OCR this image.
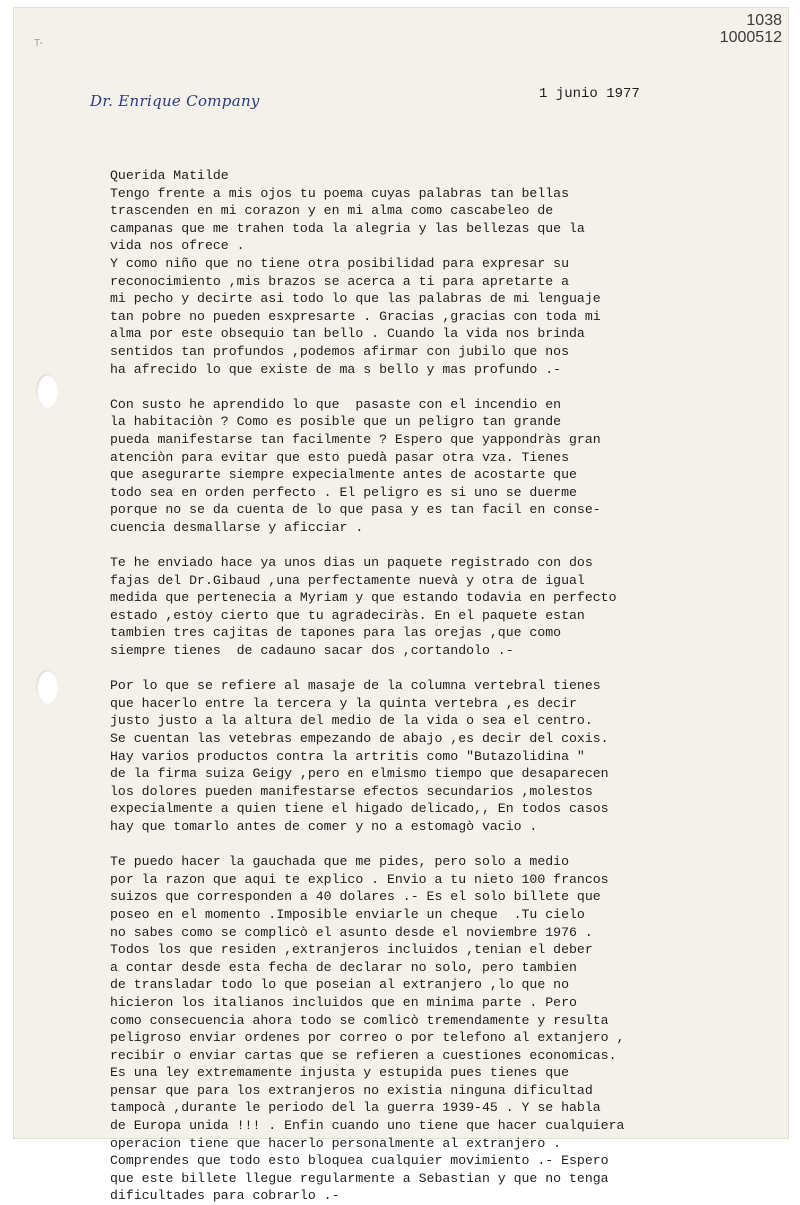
T-
1038
1000512
Dr. Enrique Company	1 junio 1977
Querida Matilde
Tengo frente a mis ojos tu poema cuyas palabras tan bellas
trascenden en mi corazon y en mi alma como cascabeleo de
campanas que me trahen toda la alegria y las bellezas que la
vida nos ofrece .
Y como niño que no tiene otra posibilidad para expresar su
reconocimiento ,mis brazos se acerca a ti para apretarte a
mi pecho y decirte asi todo lo que las palabras de mi lenguaje
tan pobre no pueden esxpresarte . Gracias ,gracias con toda mi
alma por este obsequio tan bello . Cuando la vida nos brinda
sentidos tan profundos ,podemos afirmar con jubilo que nos
ha afrecido lo que existe de ma s bello y mas profundo .-
Con susto he aprendido lo que  pasaste con el incendio en
la habitaciòn ? Como es posible que un peligro tan grande
pueda manifestarse tan facilmente ? Espero que yappondràs gran
atenciòn para evitar que esto puedà pasar otra vza. Tienes
que asegurarte siempre expecialmente antes de acostarte que
todo sea en orden perfecto . El peligro es si uno se duerme
porque no se da cuenta de lo que pasa y es tan facil en conse-
cuencia desmallarse y aficciar .
Te he enviado hace ya unos dias un paquete registrado con dos
fajas del Dr.Gibaud ,una perfectamente nuevà y otra de igual
medida que pertenecia a Myriam y que estando todavia en perfecto
estado ,estoy cierto que tu agradeciràs. En el paquete estan
tambien tres cajitas de tapones para las orejas ,que como
siempre tienes  de cadauno sacar dos ,cortandolo .-
Por lo que se refiere al masaje de la columna vertebral tienes
que hacerlo entre la tercera y la quinta vertebra ,es decir
justo justo a la altura del medio de la vida o sea el centro.
Se cuentan las vetebras empezando de abajo ,es decir del coxis.
Hay varios productos contra la artritis como "Butazolidina "
de la firma suiza Geigy ,pero en elmismo tiempo que desaparecen
los dolores pueden manifestarse efectos secundarios ,molestos
expecialmente a quien tiene el higado delicado,, En todos casos
hay que tomarlo antes de comer y no a estomagò vacio .
Te puedo hacer la gauchada que me pides, pero solo a medio
por la razon que aqui te explico . Envio a tu nieto 100 francos
suizos que corresponden a 40 dolares .- Es el solo billete que
poseo en el momento .Imposible enviarle un cheque  .Tu cielo
no sabes como se complicò el asunto desde el noviembre 1976 .
Todos los que residen ,extranjeros incluidos ,tenian el deber
a contar desde esta fecha de declarar no solo, pero tambien
de transladar todo lo que poseian al extranjero ,lo que no
hicieron los italianos incluidos que en minima parte . Pero
como consecuencia ahora todo se comlicò tremendamente y resulta
peligroso enviar ordenes por correo o por telefono al extanjero ,
recibir o enviar cartas que se refieren a cuestiones economicas.
Es una ley extremamente injusta y estupida pues tienes que
pensar que para los extranjeros no existia ninguna dificultad
tampocà ,durante le periodo del la guerra 1939-45 . Y se habla
de Europa unida !!! . Enfin cuando uno tiene que hacer cualquiera
operacion tiene que hacerlo personalmente al extranjero .
Comprendes que todo esto bloquea cualquier movimiento .- Espero
que este billete llegue regularmente a Sebastian y que no tenga
dificultades para cobrarlo .-
